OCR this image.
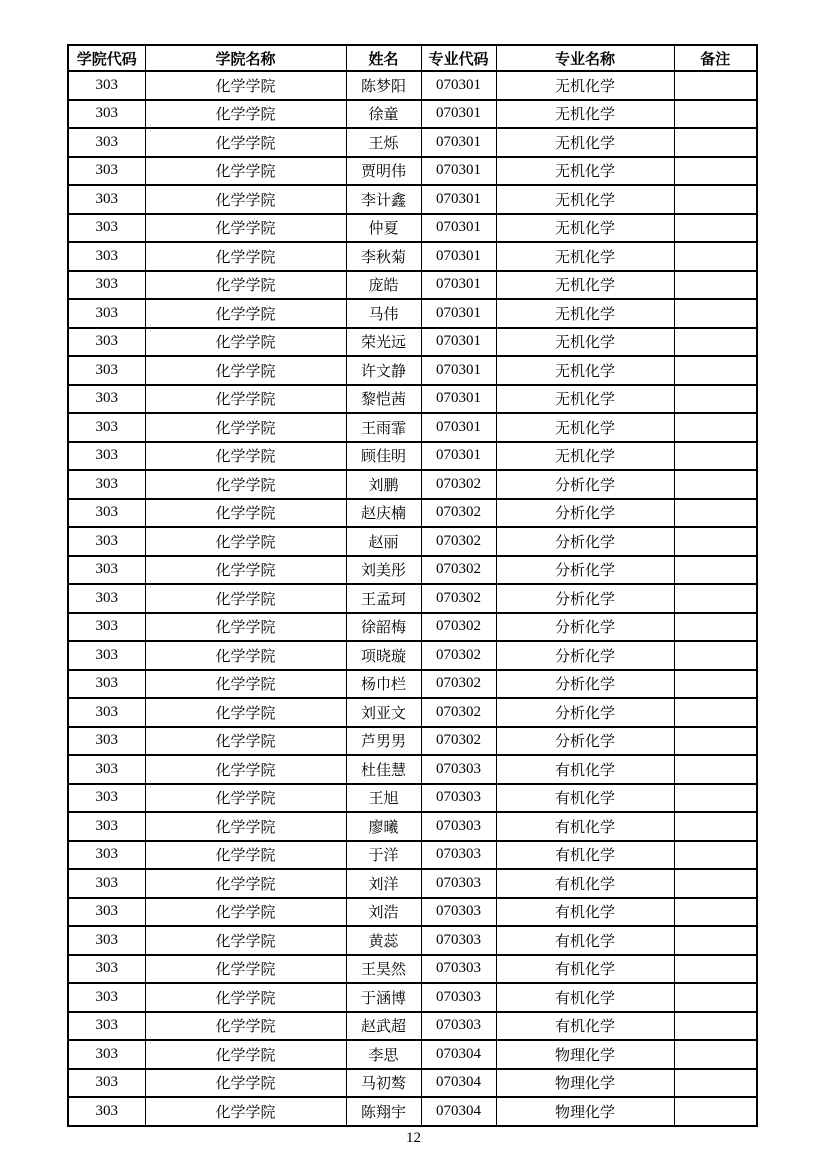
学院代码	学院名称	姓名	专业代码	专业名称	备注
303	化学学院	陈梦阳	070301	无机化学	
303	化学学院	徐童	070301	无机化学	
303	化学学院	王烁	070301	无机化学	
303	化学学院	贾明伟	070301	无机化学	
303	化学学院	李计鑫	070301	无机化学	
303	化学学院	仲夏	070301	无机化学	
303	化学学院	李秋菊	070301	无机化学	
303	化学学院	庞皓	070301	无机化学	
303	化学学院	马伟	070301	无机化学	
303	化学学院	荣光远	070301	无机化学	
303	化学学院	许文静	070301	无机化学	
303	化学学院	黎恺茜	070301	无机化学	
303	化学学院	王雨霏	070301	无机化学	
303	化学学院	顾佳明	070301	无机化学	
303	化学学院	刘鹏	070302	分析化学	
303	化学学院	赵庆楠	070302	分析化学	
303	化学学院	赵丽	070302	分析化学	
303	化学学院	刘美彤	070302	分析化学	
303	化学学院	王孟珂	070302	分析化学	
303	化学学院	徐韶梅	070302	分析化学	
303	化学学院	项晓璇	070302	分析化学	
303	化学学院	杨巾栏	070302	分析化学	
303	化学学院	刘亚文	070302	分析化学	
303	化学学院	芦男男	070302	分析化学	
303	化学学院	杜佳慧	070303	有机化学	
303	化学学院	王旭	070303	有机化学	
303	化学学院	廖曦	070303	有机化学	
303	化学学院	于洋	070303	有机化学	
303	化学学院	刘洋	070303	有机化学	
303	化学学院	刘浩	070303	有机化学	
303	化学学院	黄蕊	070303	有机化学	
303	化学学院	王昊然	070303	有机化学	
303	化学学院	于涵博	070303	有机化学	
303	化学学院	赵武超	070303	有机化学	
303	化学学院	李思	070304	物理化学	
303	化学学院	马初骜	070304	物理化学	
303	化学学院	陈翔宇	070304	物理化学	
12
